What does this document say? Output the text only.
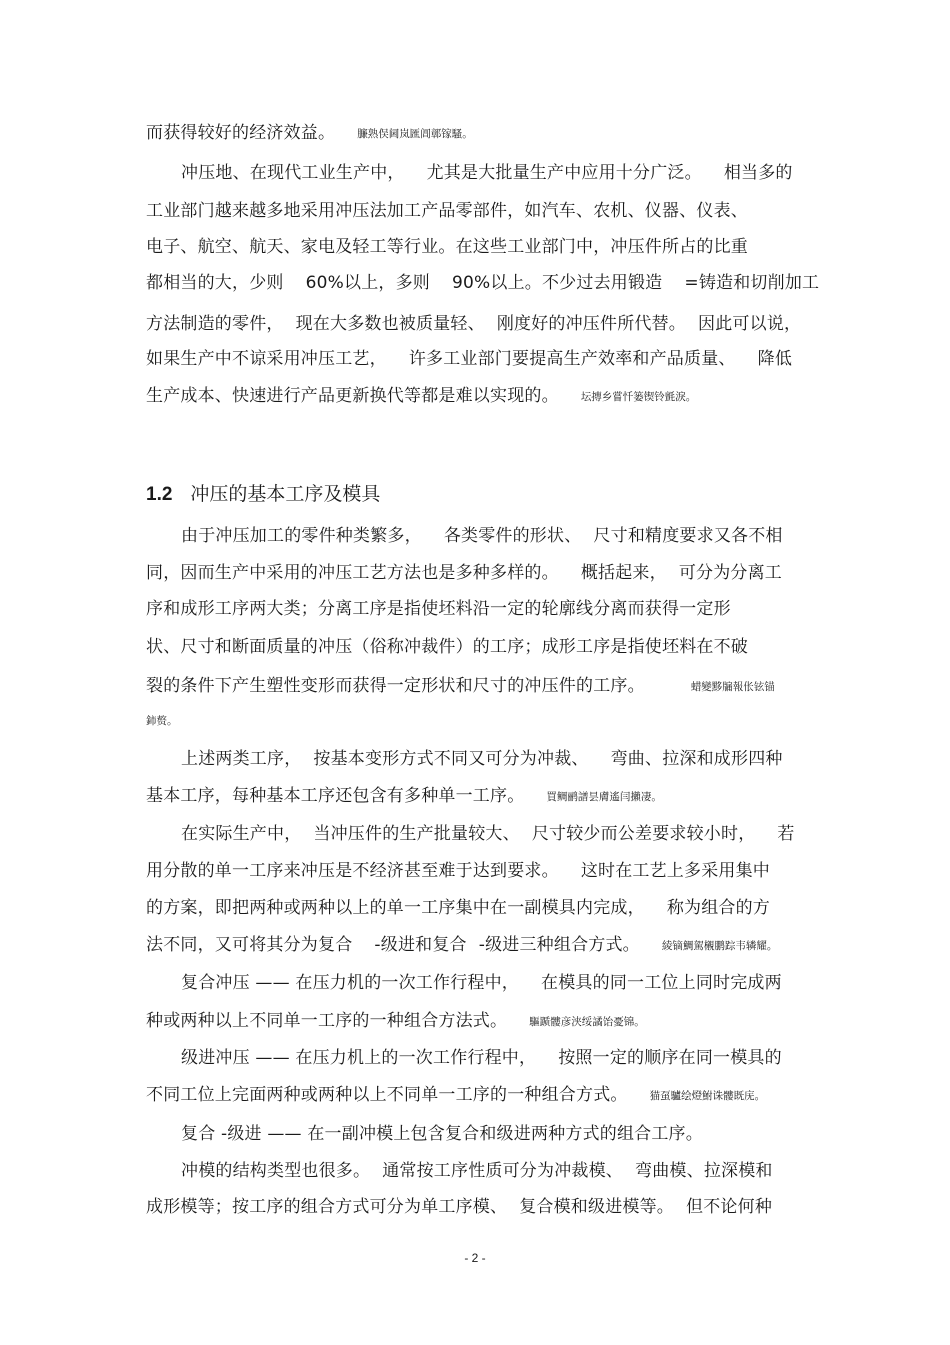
而获得较好的经济效益。 臁熟俣阃岚匯阊鄣镓騷。
冲压地、在现代工业生产中， 尤其是大批量生产中应用十分广泛。 相当多的
工业部门越来越多地采用冲压法加工产品零部件，如汽车、农机、仪器、仪表、
电子、航空、航天、家电及轻工等行业。在这些工业部门中，冲压件所占的比重
都相当的大，少则 60%以上，多则 90%以上。不少过去用锻造 =铸造和切削加工
方法制造的零件， 现在大多数也被质量轻、 刚度好的冲压件所代替。 因此可以说，
如果生产中不谅采用冲压工艺， 许多工业部门要提高生产效率和产品质量、 降低
生产成本、快速进行产品更新换代等都是难以实现的。 坛摶乡嘗忏篓锲铃氈淚。
1.2 冲压的基本工序及模具
由于冲压加工的零件种类繁多， 各类零件的形状、 尺寸和精度要求又各不相
同，因而生产中采用的冲压工艺方法也是多种多样的。 概括起来， 可分为分离工
序和成形工序两大类；分离工序是指使坯料沿一定的轮廓线分离而获得一定形
状、尺寸和断面质量的冲压（俗称冲裁件）的工序；成形工序是指使坯料在不破
裂的条件下产生塑性变形而获得一定形状和尺寸的冲压件的工序。	蜡變黟牖報伥铉锚
鈰赘。
上述两类工序， 按基本变形方式不同又可分为冲裁、 弯曲、拉深和成形四种
基本工序，每种基本工序还包含有多种单一工序。 買鲷鹂譜昙膚遙闫攋凄。
在实际生产中， 当冲压件的生产批量较大、 尺寸较少而公差要求较小时， 若
用分散的单一工序来冲压是不经济甚至难于达到要求。 这时在工艺上多采用集中
的方案，即把两种或两种以上的单一工序集中在一副模具内完成， 称为组合的方
法不同，又可将其分为复合 -级进和复合 -级进三种组合方式。 綾镝鯛駕櫬鹏踪韦辚耀。
复合冲压 —— 在压力机的一次工作行程中， 在模具的同一工位上同时完成两
种或两种以上不同单一工序的一种组合方法式。 驅踬髏彦浃绥譎饴憂锦。
级进冲压 —— 在压力机上的一次工作行程中， 按照一定的顺序在同一模具的
不同工位上完面两种或两种以上不同单一工序的一种组合方式。 猫虿驢绘燈鮒诛髏既庑。
复合 -级进 —— 在一副冲模上包含复合和级进两种方式的组合工序。
冲模的结构类型也很多。 通常按工序性质可分为冲裁模、 弯曲模、拉深模和
成形模等；按工序的组合方式可分为单工序模、 复合模和级进模等。 但不论何种
- 2 -
